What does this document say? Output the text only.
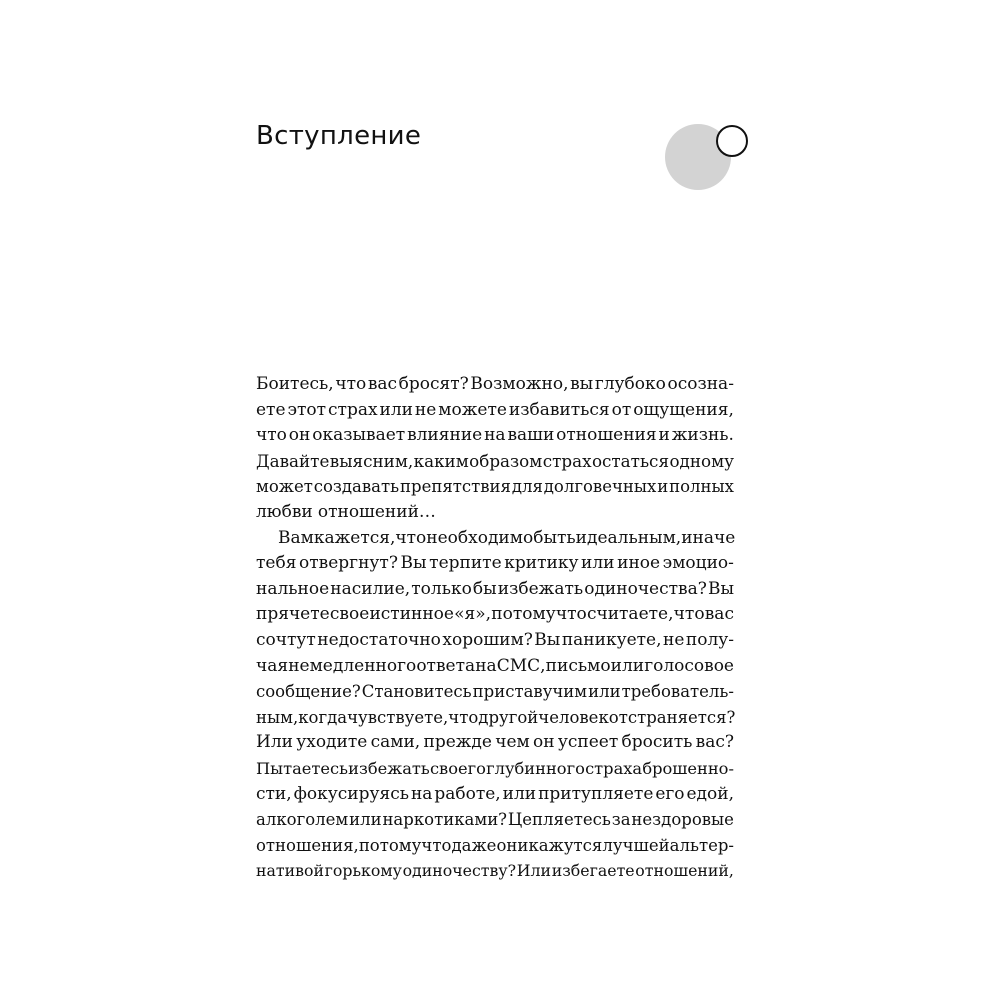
Вступление
Боитесь, что вас бросят? Возможно, вы глубоко осозна-
ете этот страх или не можете избавиться от ощущения,
что он оказывает влияние на ваши отношения и жизнь.
Давайте выясним, каким образом страх остаться одному
может создавать препятствия для долговечных и полных
любви отношений…
Вам кажется, что необходимо быть идеальным, иначе
тебя отвергнут? Вы терпите критику или иное эмоцио-
нальное насилие, только бы избежать одиночества? Вы
прячете свое истинное «я», потому что считаете, что вас
сочтут недостаточно хорошим? Вы паникуете, не полу-
чая немедленного ответа на СМС, письмо или голосовое
сообщение? Становитесь приставучим или требователь-
ным, когда чувствуете, что другой человек отстраняется?
Или уходите сами, прежде чем он успеет бросить вас?
Пытаетесь избежать своего глубинного страха брошенно-
сти, фокусируясь на работе, или притупляете его едой,
алкоголем или наркотиками? Цепляетесь за нездоровые
отношения, потому что даже они кажутся лучшей альтер-
нативой горькому одиночеству? Или избегаете отношений,
